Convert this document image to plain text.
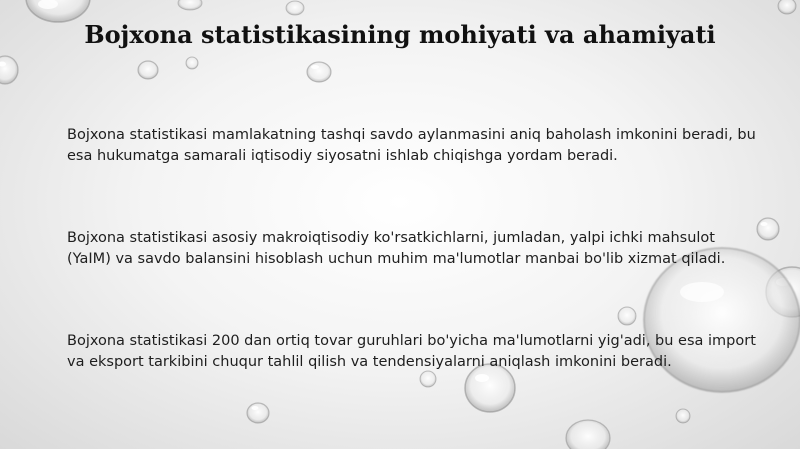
Bojxona statistikasining mohiyati va ahamiyati

Bojxona statistikasi mamlakatning tashqi savdo aylanmasini aniq baholash imkonini beradi, bu esa hukumatga samarali iqtisodiy siyosatni ishlab chiqishga yordam beradi.

Bojxona statistikasi asosiy makroiqtisodiy ko'rsatkichlarni, jumladan, yalpi ichki mahsulot (YaIM) va savdo balansini hisoblash uchun muhim ma'lumotlar manbai bo'lib xizmat qiladi.

Bojxona statistikasi 200 dan ortiq tovar guruhlari bo'yicha ma'lumotlarni yig'adi, bu esa import va eksport tarkibini chuqur tahlil qilish va tendensiyalarni aniqlash imkonini beradi.
